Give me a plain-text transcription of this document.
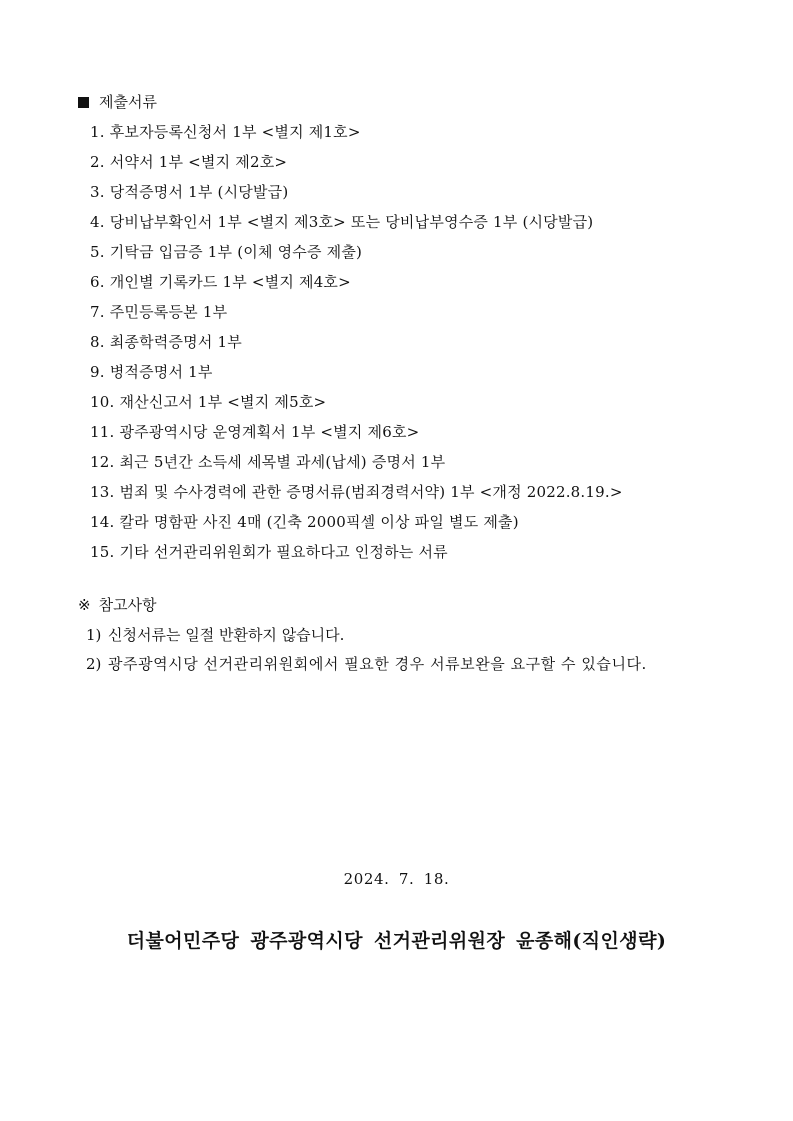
제출서류
1. 후보자등록신청서 1부 <별지 제1호>
2. 서약서 1부 <별지 제2호>
3. 당적증명서 1부 (시당발급)
4. 당비납부확인서 1부 <별지 제3호> 또는 당비납부영수증 1부 (시당발급)
5. 기탁금 입금증 1부 (이체 영수증 제출)
6. 개인별 기록카드 1부 <별지 제4호>
7. 주민등록등본 1부
8. 최종학력증명서 1부
9. 병적증명서 1부
10. 재산신고서 1부 <별지 제5호>
11. 광주광역시당 운영계획서 1부 <별지 제6호>
12. 최근 5년간 소득세 세목별 과세(납세) 증명서 1부
13. 범죄 및 수사경력에 관한 증명서류(범죄경력서약) 1부 <개정 2022.8.19.>
14. 칼라 명함판 사진 4매 (긴축 2000픽셀 이상 파일 별도 제출)
15. 기타 선거관리위원회가 필요하다고 인정하는 서류
※ 참고사항
1) 신청서류는 일절 반환하지 않습니다.
2) 광주광역시당 선거관리위원회에서 필요한 경우 서류보완을 요구할 수 있습니다.
2024. 7. 18.
더불어민주당 광주광역시당 선거관리위원장 윤종해(직인생략)
